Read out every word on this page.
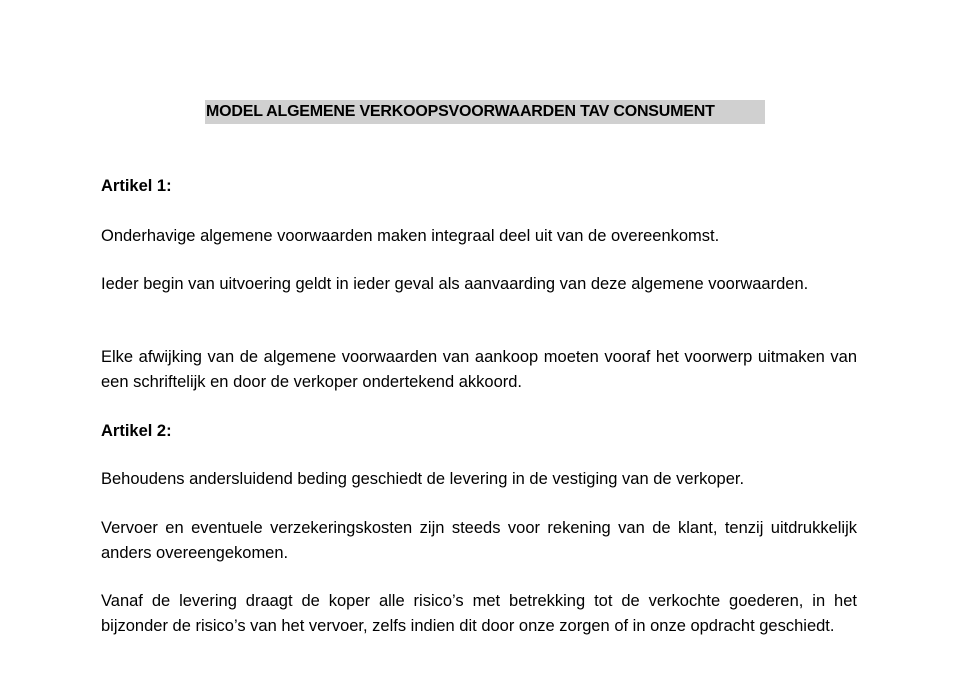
MODEL ALGEMENE VERKOOPSVOORWAARDEN TAV CONSUMENT
Artikel 1:

Onderhavige algemene voorwaarden maken integraal deel uit van de overeenkomst.

Ieder begin van uitvoering geldt in ieder geval als aanvaarding van deze algemene voorwaarden.

Elke afwijking van de algemene voorwaarden van aankoop moeten vooraf het voorwerp uitmaken van een schriftelijk en door de verkoper ondertekend akkoord.

Artikel 2:

Behoudens andersluidend beding geschiedt de levering in de vestiging van de verkoper.

Vervoer en eventuele verzekeringskosten zijn steeds voor rekening van de klant, tenzij uitdrukkelijk anders overeengekomen.

Vanaf de levering draagt de koper alle risico’s met betrekking tot de verkochte goederen, in het bijzonder de risico’s van het vervoer, zelfs indien dit door onze zorgen of in onze opdracht geschiedt.
